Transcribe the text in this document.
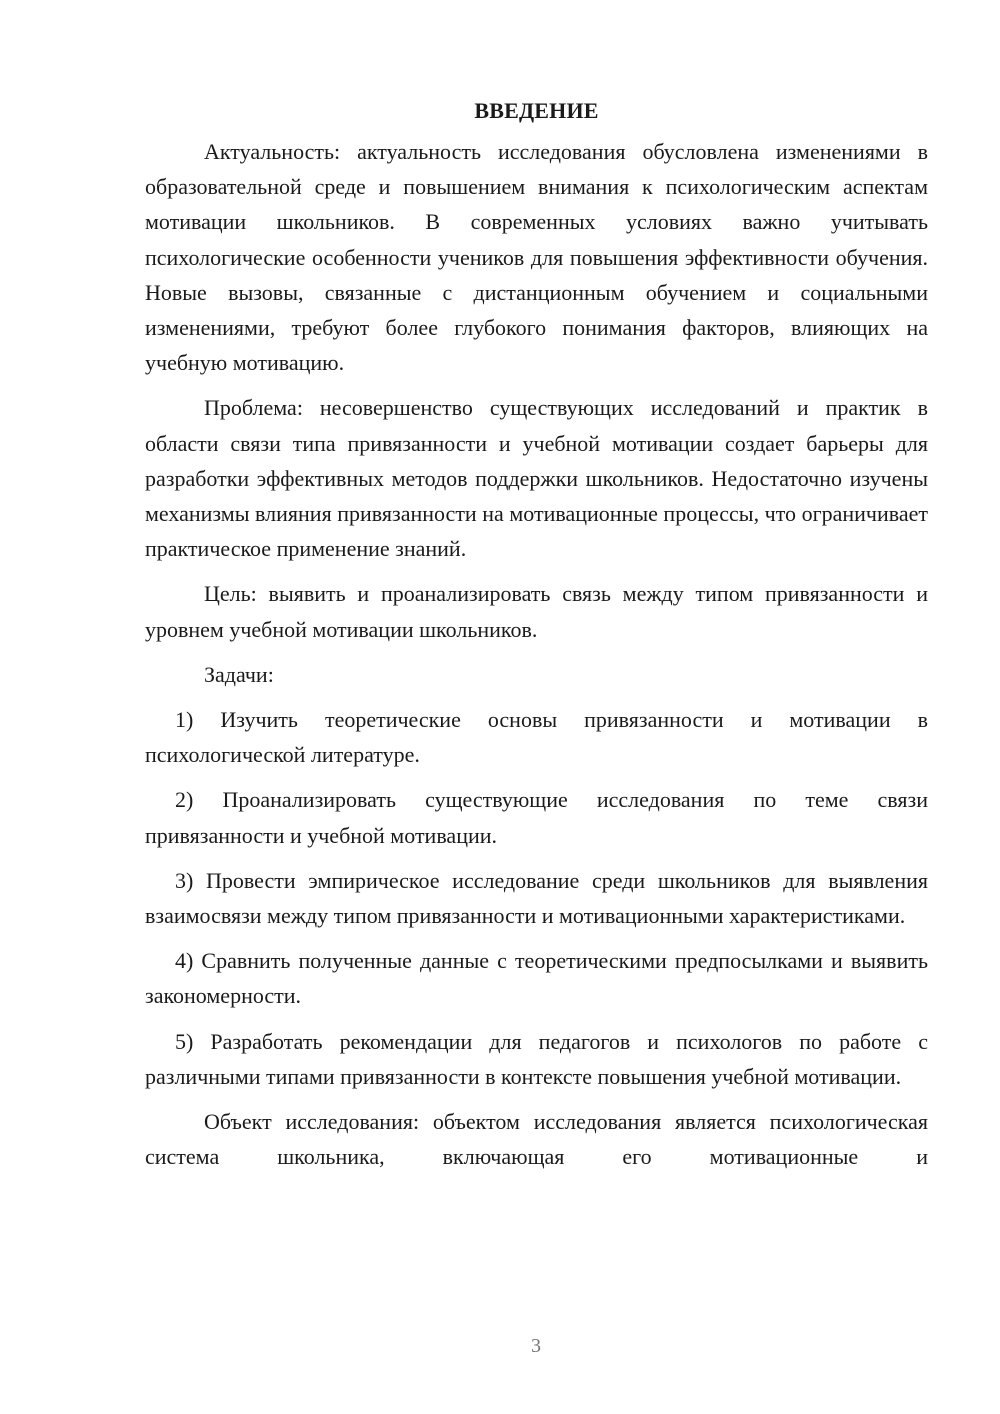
ВВЕДЕНИЕ

Актуальность: актуальность исследования обусловлена изменениями в образовательной среде и повышением внимания к психологическим аспектам мотивации школьников. В современных условиях важно учитывать психологические особенности учеников для повышения эффективности обучения. Новые вызовы, связанные с дистанционным обучением и социальными изменениями, требуют более глубокого понимания факторов, влияющих на учебную мотивацию.

Проблема: несовершенство существующих исследований и практик в области связи типа привязанности и учебной мотивации создает барьеры для разработки эффективных методов поддержки школьников. Недостаточно изучены механизмы влияния привязанности на мотивационные процессы, что ограничивает практическое применение знаний.

Цель: выявить и проанализировать связь между типом привязанности и уровнем учебной мотивации школьников.

Задачи:

1) Изучить теоретические основы привязанности и мотивации в психологической литературе.

2) Проанализировать существующие исследования по теме связи привязанности и учебной мотивации.

3) Провести эмпирическое исследование среди школьников для выявления взаимосвязи между типом привязанности и мотивационными характеристиками.

4) Сравнить полученные данные с теоретическими предпосылками и выявить закономерности.

5) Разработать рекомендации для педагогов и психологов по работе с различными типами привязанности в контексте повышения учебной мотивации.

Объект исследования: объектом исследования является психологическая система школьника, включающая его мотивационные и

3
